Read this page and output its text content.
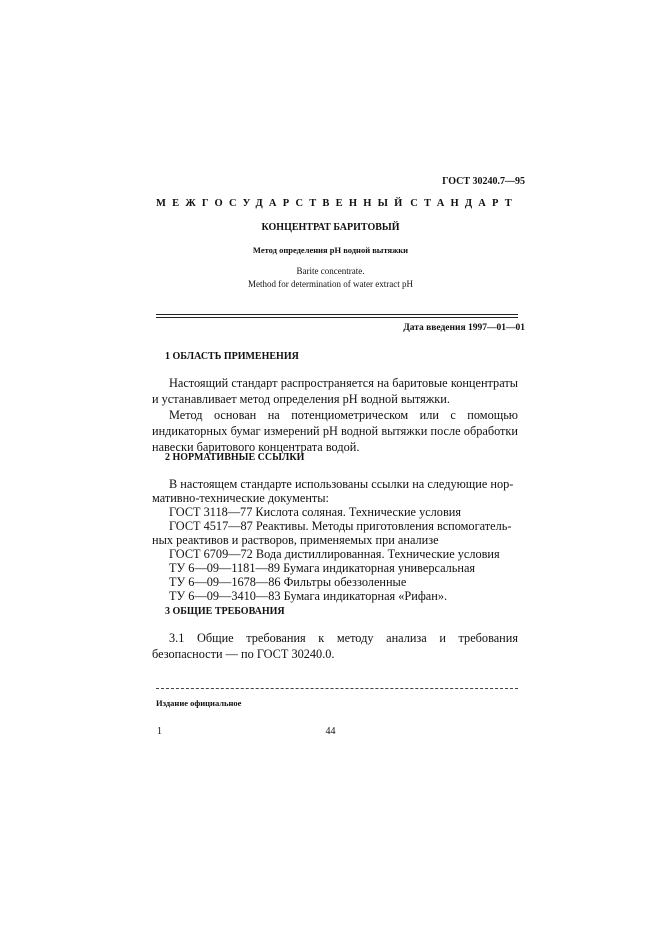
ГОСТ 30240.7—95
МЕЖГОСУДАРСТВЕННЫЙ СТАНДАРТ
КОНЦЕНТРАТ БАРИТОВЫЙ
Метод определения рН водной вытяжки
Barite concentrate.
Method for determination of water extract pH
Дата введения 1997—01—01
1 ОБЛАСТЬ ПРИМЕНЕНИЯ

Настоящий стандарт распространяется на баритовые концентраты и устанавливает метод определения рН водной вытяжки.

Метод основан на потенциометрическом или с помощью индикаторных бумаг измерений рН водной вытяжки после обработки навески баритового концентрата водой.

2 НОРМАТИВНЫЕ ССЫЛКИ
В настоящем стандарте использованы ссылки на следующие нор-
мативно-технические документы:
ГОСТ 3118—77 Кислота соляная. Технические условия
ГОСТ 4517—87 Реактивы. Методы приготовления вспомогатель-
ных реактивов и растворов, применяемых при анализе
ГОСТ 6709—72 Вода дистиллированная. Технические условия
ТУ 6—09—1181—89 Бумага индикаторная универсальная
ТУ 6—09—1678—86 Фильтры обеззоленные
ТУ 6—09—3410—83 Бумага индикаторная «Рифан».
3 ОБЩИЕ ТРЕБОВАНИЯ

3.1 Общие требования к методу анализа и требования безопасности — по ГОСТ 30240.0.

Издание официальное
1	44
